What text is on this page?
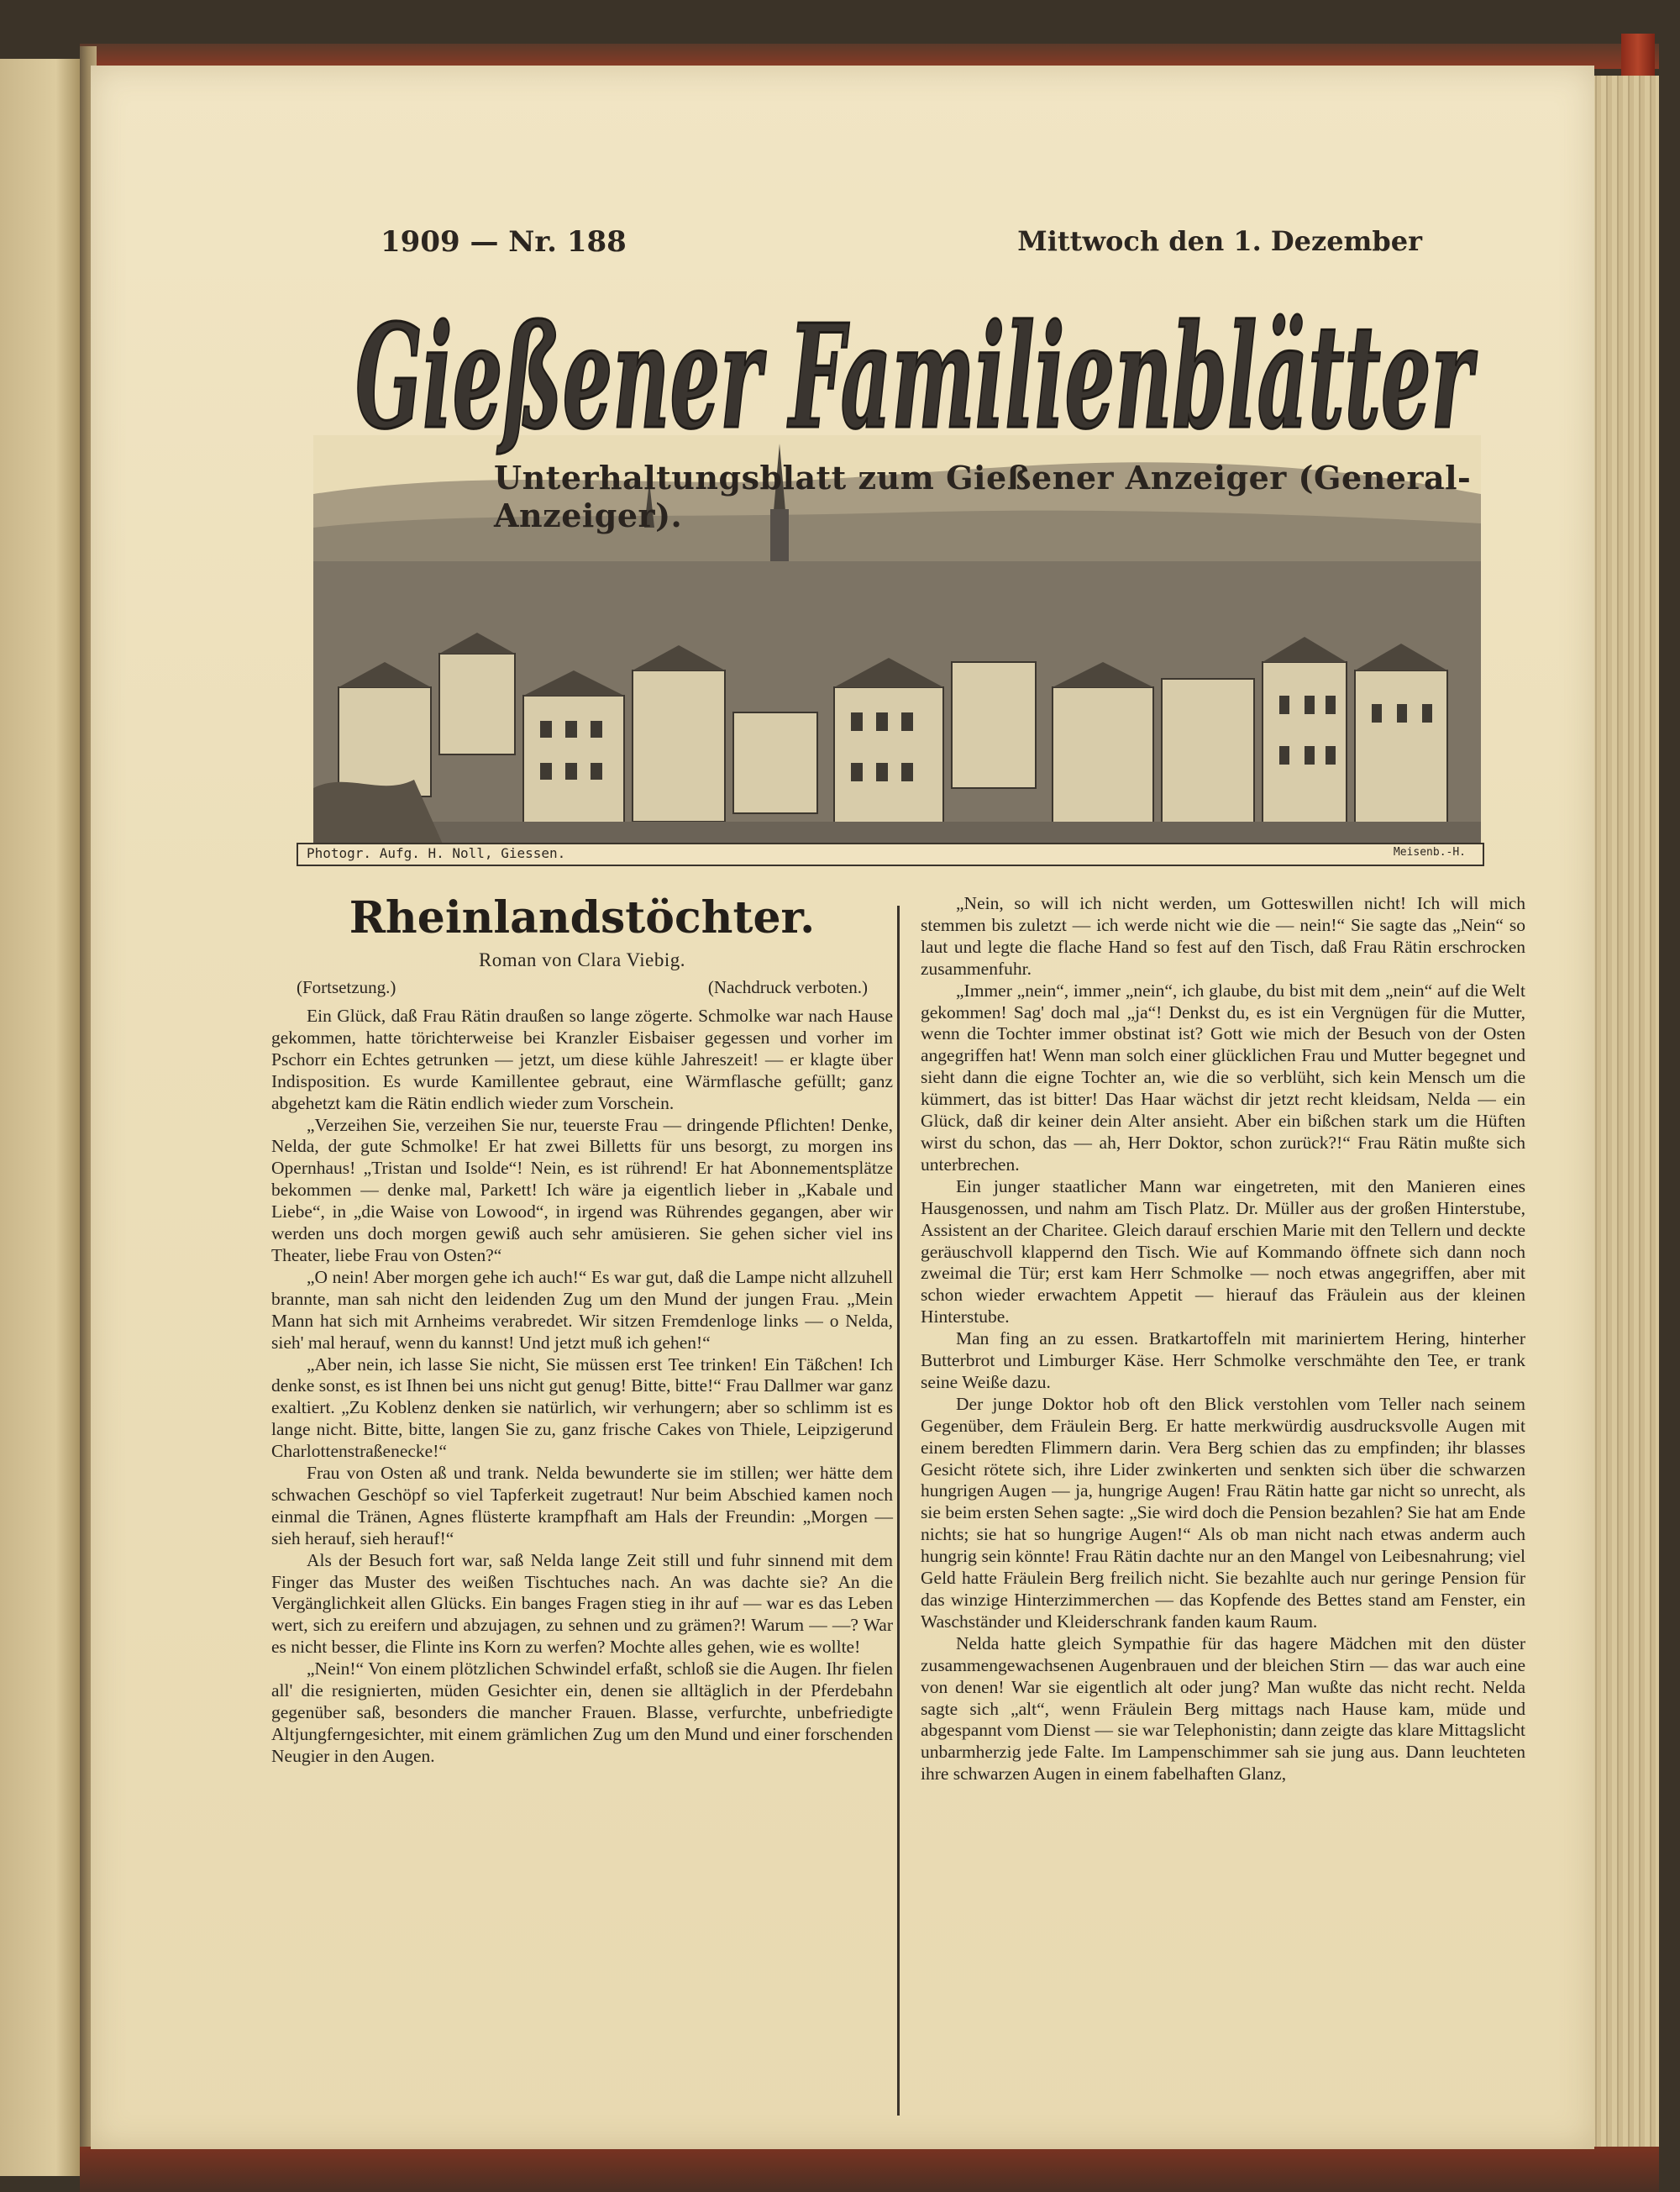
Gießener Familienblätter
1909 — Nr. 188	Mittwoch den 1. Dezember
Unterhaltungsblatt zum Gießener Anzeiger (General-Anzeiger).
Photogr. Aufg. H. Noll, Giessen.	Meisenb.-H.
Rheinlandstöchter.
Roman von Clara Viebig.
(Fortsetzung.)	(Nachdruck verboten.)

Ein Glück, daß Frau Rätin draußen so lange zögerte. Schmolke war nach Hause gekommen, hatte törichterweise bei Kranzler Eisbaiser gegessen und vorher im Pschorr ein Echtes getrunken — jetzt, um diese kühle Jahreszeit! — er klagte über Indisposition. Es wurde Kamillentee gebraut, eine Wärmflasche gefüllt; ganz abgehetzt kam die Rätin endlich wieder zum Vorschein.

„Verzeihen Sie, verzeihen Sie nur, teuerste Frau — dringende Pflichten! Denke, Nelda, der gute Schmolke! Er hat zwei Billetts für uns besorgt, zu morgen ins Opernhaus! „Tristan und Isolde“! Nein, es ist rührend! Er hat Abonnementsplätze bekommen — denke mal, Parkett! Ich wäre ja eigentlich lieber in „Kabale und Liebe“, in „die Waise von Lowood“, in irgend was Rührendes gegangen, aber wir werden uns doch morgen gewiß auch sehr amüsieren. Sie gehen sicher viel ins Theater, liebe Frau von Osten?“

„O nein! Aber morgen gehe ich auch!“ Es war gut, daß die Lampe nicht allzuhell brannte, man sah nicht den leidenden Zug um den Mund der jungen Frau. „Mein Mann hat sich mit Arnheims verabredet. Wir sitzen Fremdenloge links — o Nelda, sieh' mal herauf, wenn du kannst! Und jetzt muß ich gehen!“

„Aber nein, ich lasse Sie nicht, Sie müssen erst Tee trinken! Ein Täßchen! Ich denke sonst, es ist Ihnen bei uns nicht gut genug! Bitte, bitte!“ Frau Dallmer war ganz exaltiert. „Zu Koblenz denken sie natürlich, wir verhungern; aber so schlimm ist es lange nicht. Bitte, bitte, langen Sie zu, ganz frische Cakes von Thiele, Leipzigerund Charlottenstraßenecke!“

Frau von Osten aß und trank. Nelda bewunderte sie im stillen; wer hätte dem schwachen Geschöpf so viel Tapferkeit zugetraut! Nur beim Abschied kamen noch einmal die Tränen, Agnes flüsterte krampfhaft am Hals der Freundin: „Morgen — sieh herauf, sieh herauf!“

Als der Besuch fort war, saß Nelda lange Zeit still und fuhr sinnend mit dem Finger das Muster des weißen Tischtuches nach. An was dachte sie? An die Vergänglichkeit allen Glücks. Ein banges Fragen stieg in ihr auf — war es das Leben wert, sich zu ereifern und abzujagen, zu sehnen und zu grämen?! Warum — —? War es nicht besser, die Flinte ins Korn zu werfen? Mochte alles gehen, wie es wollte!

„Nein!“ Von einem plötzlichen Schwindel erfaßt, schloß sie die Augen. Ihr fielen all' die resignierten, müden Gesichter ein, denen sie alltäglich in der Pferdebahn gegenüber saß, besonders die mancher Frauen. Blasse, verfurchte, unbefriedigte Altjungferngesichter, mit einem grämlichen Zug um den Mund und einer forschenden Neugier in den Augen.

„Nein, so will ich nicht werden, um Gotteswillen nicht! Ich will mich stemmen bis zuletzt — ich werde nicht wie die — nein!“ Sie sagte das „Nein“ so laut und legte die flache Hand so fest auf den Tisch, daß Frau Rätin erschrocken zusammenfuhr.

„Immer „nein“, immer „nein“, ich glaube, du bist mit dem „nein“ auf die Welt gekommen! Sag' doch mal „ja“! Denkst du, es ist ein Vergnügen für die Mutter, wenn die Tochter immer obstinat ist? Gott wie mich der Besuch von der Osten angegriffen hat! Wenn man solch einer glücklichen Frau und Mutter begegnet und sieht dann die eigne Tochter an, wie die so verblüht, sich kein Mensch um die kümmert, das ist bitter! Das Haar wächst dir jetzt recht kleidsam, Nelda — ein Glück, daß dir keiner dein Alter ansieht. Aber ein bißchen stark um die Hüften wirst du schon, das — ah, Herr Doktor, schon zurück?!“ Frau Rätin mußte sich unterbrechen.

Ein junger staatlicher Mann war eingetreten, mit den Manieren eines Hausgenossen, und nahm am Tisch Platz. Dr. Müller aus der großen Hinterstube, Assistent an der Charitee. Gleich darauf erschien Marie mit den Tellern und deckte geräuschvoll klappernd den Tisch. Wie auf Kommando öffnete sich dann noch zweimal die Tür; erst kam Herr Schmolke — noch etwas angegriffen, aber mit schon wieder erwachtem Appetit — hierauf das Fräulein aus der kleinen Hinterstube.

Man fing an zu essen. Bratkartoffeln mit mariniertem Hering, hinterher Butterbrot und Limburger Käse. Herr Schmolke verschmähte den Tee, er trank seine Weiße dazu.

Der junge Doktor hob oft den Blick verstohlen vom Teller nach seinem Gegenüber, dem Fräulein Berg. Er hatte merkwürdig ausdrucksvolle Augen mit einem beredten Flimmern darin. Vera Berg schien das zu empfinden; ihr blasses Gesicht rötete sich, ihre Lider zwinkerten und senkten sich über die schwarzen hungrigen Augen — ja, hungrige Augen! Frau Rätin hatte gar nicht so unrecht, als sie beim ersten Sehen sagte: „Sie wird doch die Pension bezahlen? Sie hat am Ende nichts; sie hat so hungrige Augen!“ Als ob man nicht nach etwas anderm auch hungrig sein könnte! Frau Rätin dachte nur an den Mangel von Leibesnahrung; viel Geld hatte Fräulein Berg freilich nicht. Sie bezahlte auch nur geringe Pension für das winzige Hinterzimmerchen — das Kopfende des Bettes stand am Fenster, ein Waschständer und Kleiderschrank fanden kaum Raum.

Nelda hatte gleich Sympathie für das hagere Mädchen mit den düster zusammengewachsenen Augenbrauen und der bleichen Stirn — das war auch eine von denen! War sie eigentlich alt oder jung? Man wußte das nicht recht. Nelda sagte sich „alt“, wenn Fräulein Berg mittags nach Hause kam, müde und abgespannt vom Dienst — sie war Telephonistin; dann zeigte das klare Mittagslicht unbarmherzig jede Falte. Im Lampenschimmer sah sie jung aus. Dann leuchteten ihre schwarzen Augen in einem fabelhaften Glanz,
